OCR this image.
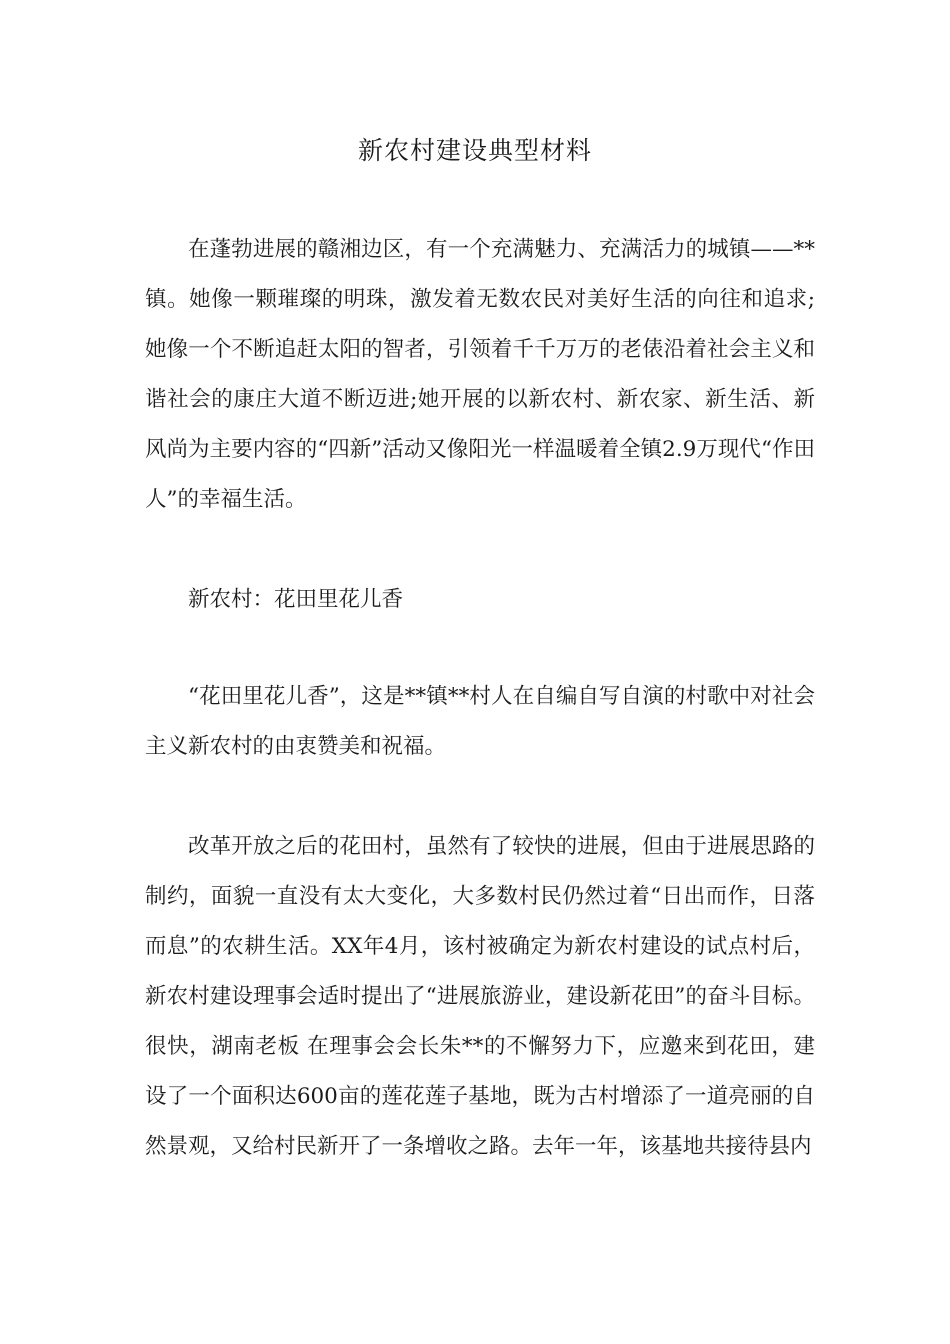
新农村建设典型材料

在蓬勃进展的赣湘边区，有一个充满魅力、充满活力的城镇——**镇。她像一颗璀璨的明珠，激发着无数农民对美好生活的向往和追求;她像一个不断追赶太阳的智者，引领着千千万万的老俵沿着社会主义和谐社会的康庄大道不断迈进;她开展的以新农村、新农家、新生活、新风尚为主要内容的“四新”活动又像阳光一样温暖着全镇2.9万现代“作田人”的幸福生活。

新农村：花田里花儿香

“花田里花儿香”，这是**镇**村人在自编自写自演的村歌中对社会主义新农村的由衷赞美和祝福。

改革开放之后的花田村，虽然有了较快的进展，但由于进展思路的制约，面貌一直没有太大变化，大多数村民仍然过着“日出而作，日落而息”的农耕生活。XX年4月，该村被确定为新农村建设的试点村后，新农村建设理事会适时提出了“进展旅游业，建设新花田”的奋斗目标。很快，湖南老板 在理事会会长朱**的不懈努力下，应邀来到花田，建设了一个面积达600亩的莲花莲子基地，既为古村增添了一道亮丽的自然景观，又给村民新开了一条增收之路。去年一年，该基地共接待县内
